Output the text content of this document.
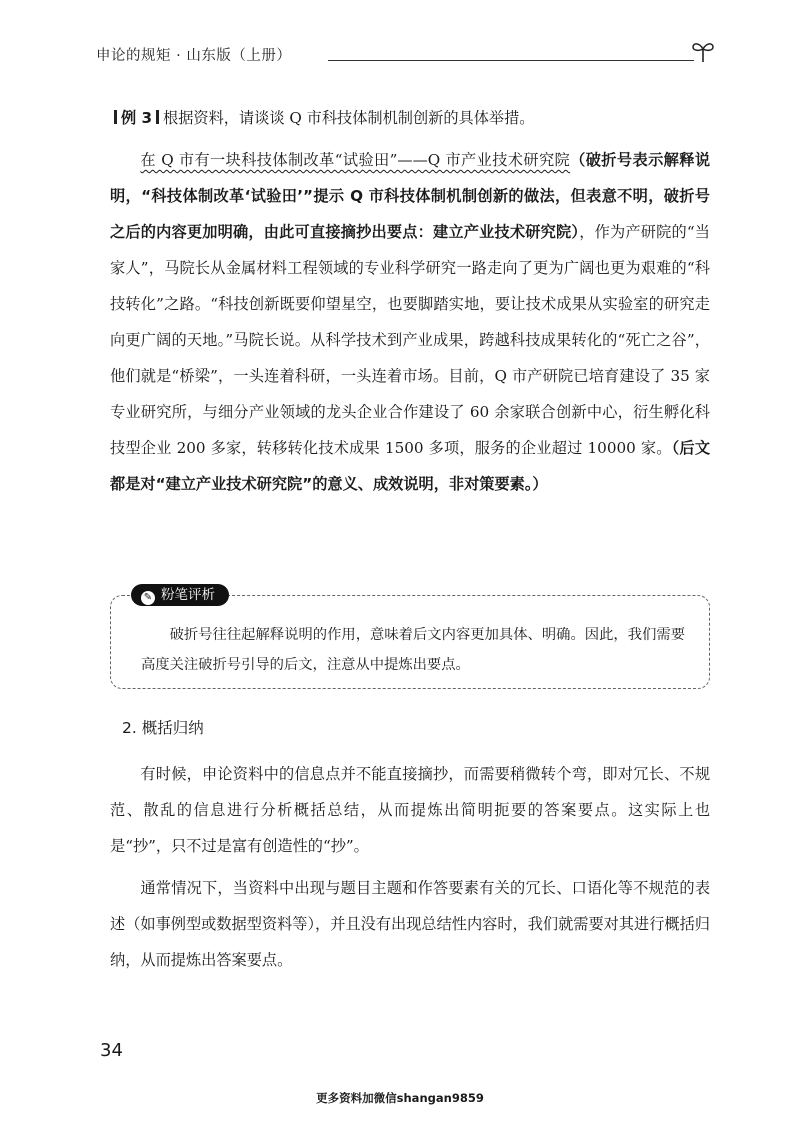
申论的规矩 · 山东版（上册）
例 3 根据资料，请谈谈 Q 市科技体制机制创新的具体举措。
在 Q 市有一块科技体制改革“试验田”——Q 市产业技术研究院（破折号表示解释说明，“科技体制改革‘试验田’”提示 Q 市科技体制机制创新的做法，但表意不明，破折号之后的内容更加明确，由此可直接摘抄出要点：建立产业技术研究院），作为产研院的“当家人”，马院长从金属材料工程领域的专业科学研究一路走向了更为广阔也更为艰难的“科技转化”之路。“科技创新既要仰望星空，也要脚踏实地，要让技术成果从实验室的研究走向更广阔的天地。”马院长说。从科学技术到产业成果，跨越科技成果转化的“死亡之谷”，他们就是“桥梁”，一头连着科研，一头连着市场。目前，Q 市产研院已培育建设了 35 家专业研究所，与细分产业领域的龙头企业合作建设了 60 余家联合创新中心，衍生孵化科技型企业 200 多家，转移转化技术成果 1500 多项，服务的企业超过 10000 家。（后文都是对“建立产业技术研究院”的意义、成效说明，非对策要素。）
✎ 粉笔评析
破折号往往起解释说明的作用，意味着后文内容更加具体、明确。因此，我们需要高度关注破折号引导的后文，注意从中提炼出要点。
2. 概括归纳
有时候，申论资料中的信息点并不能直接摘抄，而需要稍微转个弯，即对冗长、不规范、散乱的信息进行分析概括总结，从而提炼出简明扼要的答案要点。这实际上也是“抄”，只不过是富有创造性的“抄”。
通常情况下，当资料中出现与题目主题和作答要素有关的冗长、口语化等不规范的表述（如事例型或数据型资料等），并且没有出现总结性内容时，我们就需要对其进行概括归纳，从而提炼出答案要点。
34
更多资料加微信shangan9859
